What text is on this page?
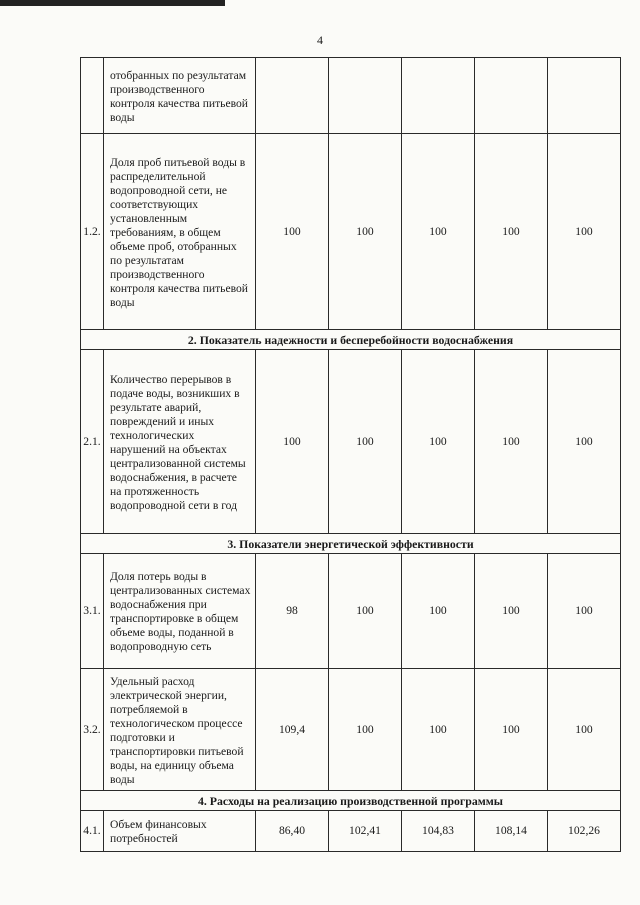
4
	отобранных по результатам производственного контроля качества питьевой воды					
1.2.	Доля проб питьевой воды в распределительной водопроводной сети, не соответствующих установленным требованиям, в общем объеме проб, отобранных по результатам производственного контроля качества питьевой воды	100	100	100	100	100
2. Показатель надежности и бесперебойности водоснабжения						
2.1.	Количество перерывов в подаче воды, возникших в результате аварий, повреждений и иных технологических нарушений на объектах централизованной системы водоснабжения, в расчете на протяженность водопроводной сети в год	100	100	100	100	100
3. Показатели энергетической эффективности						
3.1.	Доля потерь воды в централизованных системах водоснабжения при транспортировке в общем объеме воды, поданной в водопроводную сеть	98	100	100	100	100
3.2.	Удельный расход электрической энергии, потребляемой в технологическом процессе подготовки и транспортировки питьевой воды, на единицу объема воды	109,4	100	100	100	100
4. Расходы на реализацию производственной программы						
4.1.	Объем финансовых потребностей	86,40	102,41	104,83	108,14	102,26
